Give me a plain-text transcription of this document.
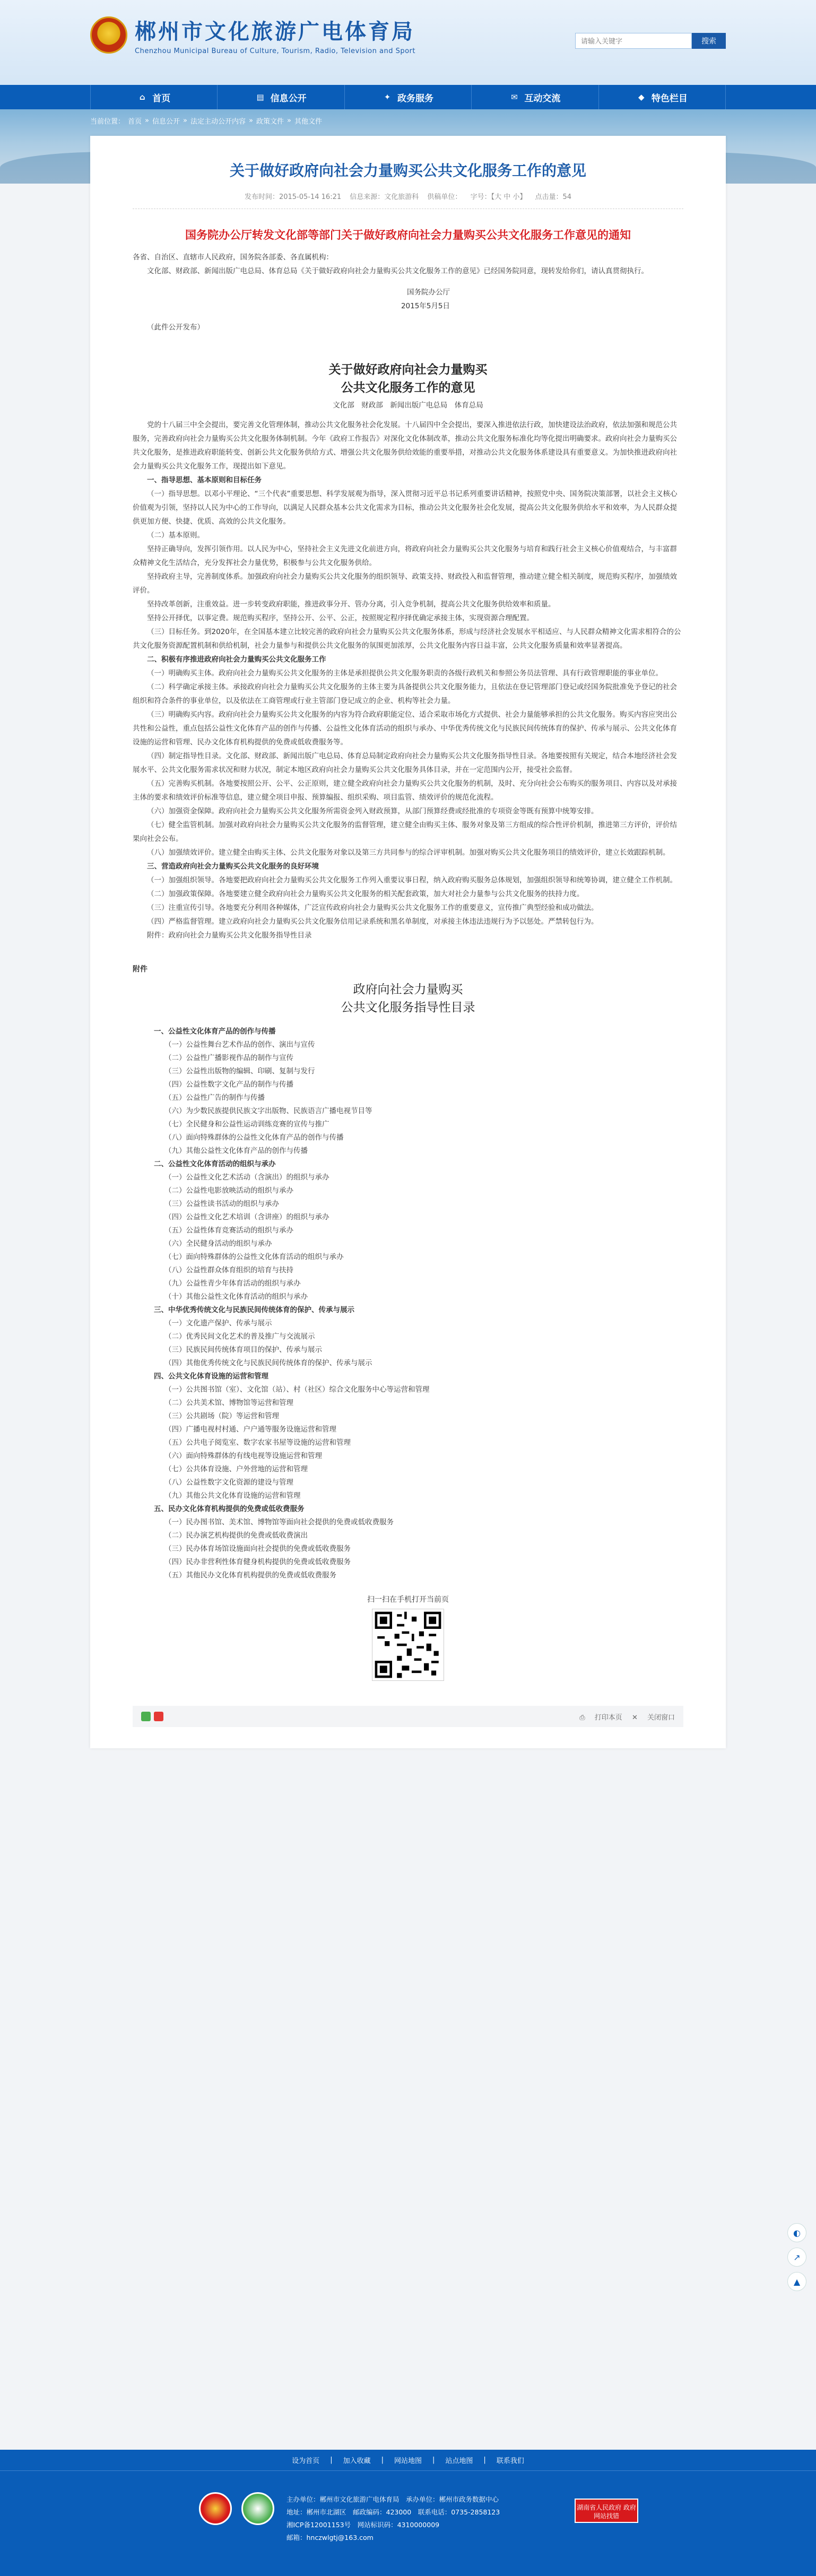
郴州市文化旅游广电体育局
Chenzhou Municipal Bureau of Culture, Tourism, Radio, Television and Sport
请输入关键字
搜索
⌂ 首页	▤ 信息公开	✦ 政务服务	✉ 互动交流	◆ 特色栏目
当前位置： 首页 » 信息公开 » 法定主动公开内容 » 政策文件 » 其他文件
关于做好政府向社会力量购买公共文化服务工作的意见
发布时间：2015-05-14 16:21 信息来源：文化旅游科 供稿单位： 字号：【大 中 小】 点击量：54
国务院办公厅转发文化部等部门关于做好政府向社会力量购买公共文化服务工作意见的通知

各省、自治区、直辖市人民政府，国务院各部委、各直属机构：

文化部、财政部、新闻出版广电总局、体育总局《关于做好政府向社会力量购买公共文化服务工作的意见》已经国务院同意，现转发给你们，请认真贯彻执行。

国务院办公厅

2015年5月5日

（此件公开发布）

关于做好政府向社会力量购买
公共文化服务工作的意见
文化部　财政部　新闻出版广电总局　体育总局

党的十八届三中全会提出，要完善文化管理体制，推动公共文化服务社会化发展。十八届四中全会提出，要深入推进依法行政，加快建设法治政府，依法加强和规范公共服务，完善政府向社会力量购买公共文化服务体制机制。今年《政府工作报告》对深化文化体制改革，推动公共文化服务标准化均等化提出明确要求。政府向社会力量购买公共文化服务，是推进政府职能转变、创新公共文化服务供给方式、增强公共文化服务供给效能的重要举措，对推动公共文化服务体系建设具有重要意义。为加快推进政府向社会力量购买公共文化服务工作，现提出如下意见。

一、指导思想、基本原则和目标任务

（一）指导思想。以邓小平理论、“三个代表”重要思想、科学发展观为指导，深入贯彻习近平总书记系列重要讲话精神，按照党中央、国务院决策部署，以社会主义核心价值观为引领，坚持以人民为中心的工作导向，以满足人民群众基本公共文化需求为目标，推动公共文化服务社会化发展，提高公共文化服务供给水平和效率，为人民群众提供更加方便、快捷、优质、高效的公共文化服务。

（二）基本原则。

坚持正确导向，发挥引领作用。以人民为中心，坚持社会主义先进文化前进方向，将政府向社会力量购买公共文化服务与培育和践行社会主义核心价值观结合，与丰富群众精神文化生活结合，充分发挥社会力量优势，积极参与公共文化服务供给。

坚持政府主导，完善制度体系。加强政府向社会力量购买公共文化服务的组织领导、政策支持、财政投入和监督管理，推动建立健全相关制度，规范购买程序，加强绩效评价。

坚持改革创新，注重效益。进一步转变政府职能，推进政事分开、管办分离，引入竞争机制，提高公共文化服务供给效率和质量。

坚持公开择优，以事定费。规范购买程序，坚持公开、公平、公正，按照规定程序择优确定承接主体，实现资源合理配置。

（三）目标任务。到2020年，在全国基本建立比较完善的政府向社会力量购买公共文化服务体系，形成与经济社会发展水平相适应、与人民群众精神文化需求相符合的公共文化服务资源配置机制和供给机制，社会力量参与和提供公共文化服务的氛围更加浓厚，公共文化服务内容日益丰富，公共文化服务质量和效率显著提高。

二、积极有序推进政府向社会力量购买公共文化服务工作

（一）明确购买主体。政府向社会力量购买公共文化服务的主体是承担提供公共文化服务职责的各级行政机关和参照公务员法管理、具有行政管理职能的事业单位。

（二）科学确定承接主体。承接政府向社会力量购买公共文化服务的主体主要为具备提供公共文化服务能力，且依法在登记管理部门登记或经国务院批准免予登记的社会组织和符合条件的事业单位，以及依法在工商管理或行业主管部门登记成立的企业、机构等社会力量。

（三）明确购买内容。政府向社会力量购买公共文化服务的内容为符合政府职能定位、适合采取市场化方式提供、社会力量能够承担的公共文化服务。购买内容应突出公共性和公益性，重点包括公益性文化体育产品的创作与传播、公益性文化体育活动的组织与承办、中华优秀传统文化与民族民间传统体育的保护、传承与展示、公共文化体育设施的运营和管理、民办文化体育机构提供的免费或低收费服务等。

（四）制定指导性目录。文化部、财政部、新闻出版广电总局、体育总局制定政府向社会力量购买公共文化服务指导性目录。各地要按照有关规定，结合本地经济社会发展水平、公共文化服务需求状况和财力状况，制定本地区政府向社会力量购买公共文化服务具体目录，并在一定范围内公开，接受社会监督。

（五）完善购买机制。各地要按照公开、公平、公正原则，建立健全政府向社会力量购买公共文化服务的机制，及时、充分向社会公布购买的服务项目、内容以及对承接主体的要求和绩效评价标准等信息，建立健全项目申报、预算编报、组织采购、项目监管、绩效评价的规范化流程。

（六）加强资金保障。政府向社会力量购买公共文化服务所需资金列入财政预算，从部门预算经费或经批准的专项资金等既有预算中统筹安排。

（七）健全监管机制。加强对政府向社会力量购买公共文化服务的监督管理，建立健全由购买主体、服务对象及第三方组成的综合性评价机制，推进第三方评价，评价结果向社会公布。

（八）加强绩效评价。建立健全由购买主体、公共文化服务对象以及第三方共同参与的综合评审机制。加强对购买公共文化服务项目的绩效评价，建立长效跟踪机制。

三、营造政府向社会力量购买公共文化服务的良好环境

（一）加强组织领导。各地要把政府向社会力量购买公共文化服务工作列入重要议事日程，纳入政府购买服务总体规划，加强组织领导和统筹协调，建立健全工作机制。

（二）加强政策保障。各地要建立健全政府向社会力量购买公共文化服务的相关配套政策，加大对社会力量参与公共文化服务的扶持力度。

（三）注重宣传引导。各地要充分利用各种媒体，广泛宣传政府向社会力量购买公共文化服务工作的重要意义，宣传推广典型经验和成功做法。

（四）严格监督管理。建立政府向社会力量购买公共文化服务信用记录系统和黑名单制度，对承接主体违法违规行为予以惩处。严禁转包行为。

附件：政府向社会力量购买公共文化服务指导性目录

附件
政府向社会力量购买
公共文化服务指导性目录
一、公益性文化体育产品的创作与传播
（一）公益性舞台艺术作品的创作、演出与宣传
（二）公益性广播影视作品的制作与宣传
（三）公益性出版物的编辑、印刷、复制与发行
（四）公益性数字文化产品的制作与传播
（五）公益性广告的制作与传播
（六）为少数民族提供民族文字出版物、民族语言广播电视节目等
（七）全民健身和公益性运动训练竞赛的宣传与推广
（八）面向特殊群体的公益性文化体育产品的创作与传播
（九）其他公益性文化体育产品的创作与传播
二、公益性文化体育活动的组织与承办
（一）公益性文化艺术活动（含演出）的组织与承办
（二）公益性电影放映活动的组织与承办
（三）公益性读书活动的组织与承办
（四）公益性文化艺术培训（含讲座）的组织与承办
（五）公益性体育竞赛活动的组织与承办
（六）全民健身活动的组织与承办
（七）面向特殊群体的公益性文化体育活动的组织与承办
（八）公益性群众体育组织的培育与扶持
（九）公益性青少年体育活动的组织与承办
（十）其他公益性文化体育活动的组织与承办
三、中华优秀传统文化与民族民间传统体育的保护、传承与展示
（一）文化遗产保护、传承与展示
（二）优秀民间文化艺术的普及推广与交流展示
（三）民族民间传统体育项目的保护、传承与展示
（四）其他优秀传统文化与民族民间传统体育的保护、传承与展示
四、公共文化体育设施的运营和管理
（一）公共图书馆（室）、文化馆（站）、村（社区）综合文化服务中心等运营和管理
（二）公共美术馆、博物馆等运营和管理
（三）公共剧场（院）等运营和管理
（四）广播电视村村通、户户通等服务设施运营和管理
（五）公共电子阅览室、数字农家书屋等设施的运营和管理
（六）面向特殊群体的有线电视等设施运营和管理
（七）公共体育设施、户外营地的运营和管理
（八）公益性数字文化资源的建设与管理
（九）其他公共文化体育设施的运营和管理
五、民办文化体育机构提供的免费或低收费服务
（一）民办图书馆、美术馆、博物馆等面向社会提供的免费或低收费服务
（二）民办演艺机构提供的免费或低收费演出
（三）民办体育场馆设施面向社会提供的免费或低收费服务
（四）民办非营利性体育健身机构提供的免费或低收费服务
（五）其他民办文化体育机构提供的免费或低收费服务
扫一扫在手机打开当前页
⎙ 打印本页 ✕ 关闭窗口
◐
↗
▲
设为首页 | 加入收藏 | 网站地图 | 站点地图 | 联系我们
主办单位：郴州市文化旅游广电体育局　承办单位：郴州市政务数据中心
地址：郴州市北湖区　邮政编码：423000　联系电话：0735-2858123
湘ICP备12001153号　网站标识码：4310000009
邮箱：hnczwlgtj@163.com
湖南省人民政府 政府网站找错
